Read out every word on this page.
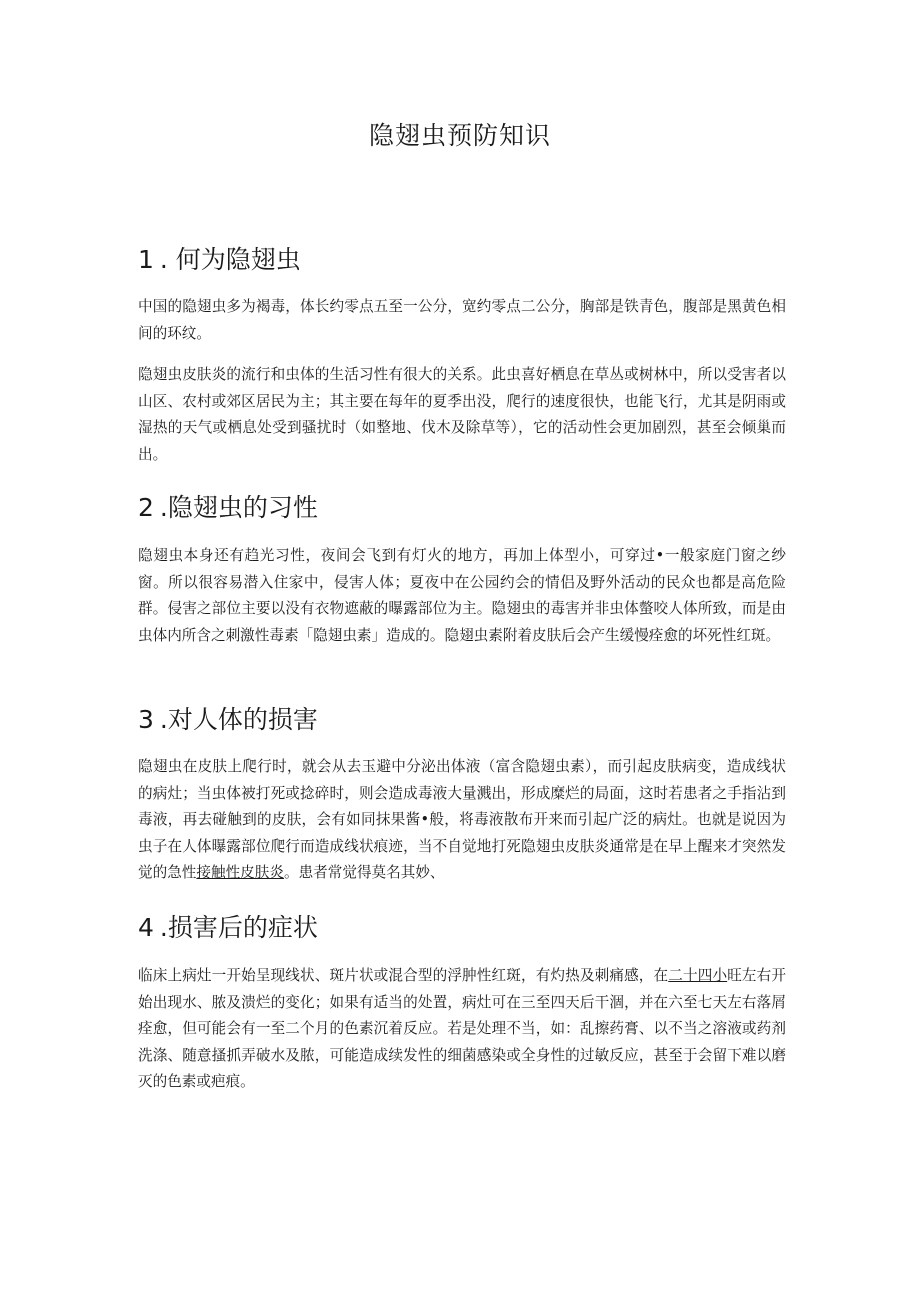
隐翅虫预防知识
1 . 何为隐翅虫

中国的隐翅虫多为褐毒，体长约零点五至一公分，宽约零点二公分，胸部是铁青色，腹部是黑黄色相间的环纹。

隐翅虫皮肤炎的流行和虫体的生活习性有很大的关系。此虫喜好栖息在草丛或树林中，所以受害者以山区、农村或郊区居民为主；其主要在每年的夏季出没，爬行的速度很快，也能飞行，尤其是阴雨或湿热的天气或栖息处受到骚扰时（如整地、伐木及除草等），它的活动性会更加剧烈，甚至会倾巢而出。

2 .隐翅虫的习性

隐翅虫本身还有趋光习性，夜间会飞到有灯火的地方，再加上体型小，可穿过•一般家庭门窗之纱窗。所以很容易潜入住家中，侵害人体；夏夜中在公园约会的情侣及野外活动的民众也都是高危险群。侵害之部位主要以没有衣物遮蔽的曝露部位为主。隐翅虫的毒害并非虫体螫咬人体所致，而是由虫体内所含之刺激性毒素「隐翅虫素」造成的。隐翅虫素附着皮肤后会产生缓慢痊愈的坏死性红斑。

3 .对人体的损害

隐翅虫在皮肤上爬行时，就会从去玉避中分泌出体液（富含隐翅虫素），而引起皮肤病变，造成线状的病灶；当虫体被打死或捻碎时，则会造成毒液大量溅出，形成糜烂的局面，这时若患者之手指沾到毒液，再去碰触到的皮肤，会有如同抹果酱•般，将毒液散布开来而引起广泛的病灶。也就是说因为虫子在人体曝露部位爬行而造成线状痕迹，当不自觉地打死隐翅虫皮肤炎通常是在早上醒来才突然发觉的急性接触性皮肤炎。患者常觉得莫名其妙、

4 .损害后的症状

临床上病灶一开始呈现线状、斑片状或混合型的浮肿性红斑，有灼热及刺痛感，在二十四小旺左右开始出现水、脓及溃烂的变化；如果有适当的处置，病灶可在三至四天后干涸，并在六至七天左右落屑痊愈，但可能会有一至二个月的色素沉着反应。若是处理不当，如：乱擦药膏、以不当之溶液或药剂洗涤、随意搔抓弄破水及脓，可能造成续发性的细菌感染或全身性的过敏反应，甚至于会留下难以磨灭的色素或疤痕。
